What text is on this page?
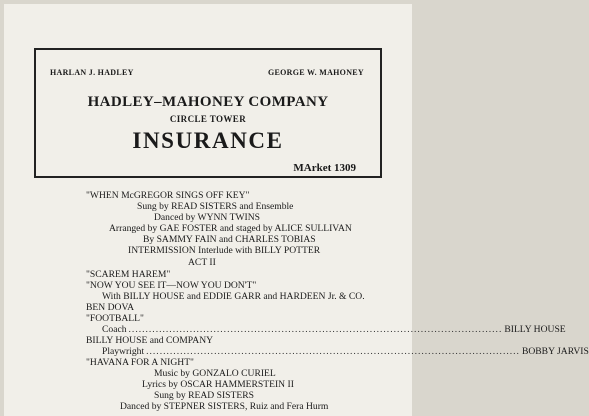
HARLAN J. HADLEY	GEORGE W. MAHONEY
HADLEY–MAHONEY COMPANY
CIRCLE TOWER
INSURANCE
MArket 1309
"WHEN McGREGOR SINGS OFF KEY"
Sung by READ SISTERS and Ensemble
Danced by WYNN TWINS
Arranged by GAE FOSTER and staged by ALICE SULLIVAN
By SAMMY FAIN and CHARLES TOBIAS
INTERMISSION Interlude with BILLY POTTER
ACT II
"SCAREM HAREM"
"NOW YOU SEE IT—NOW YOU DON'T"
With BILLY HOUSE and EDDIE GARR and HARDEEN Jr. & CO.
BEN DOVA
"FOOTBALL"
Coach .............................................................................................................. BILLY HOUSE
BILLY HOUSE and COMPANY
Playwright .............................................................................................................. BOBBY JARVIS
"HAVANA FOR A NIGHT"
Music by GONZALO CURIEL
Lyrics by OSCAR HAMMERSTEIN II
Sung by READ SISTERS
Danced by STEPNER SISTERS, Ruiz and Fera Hurm
